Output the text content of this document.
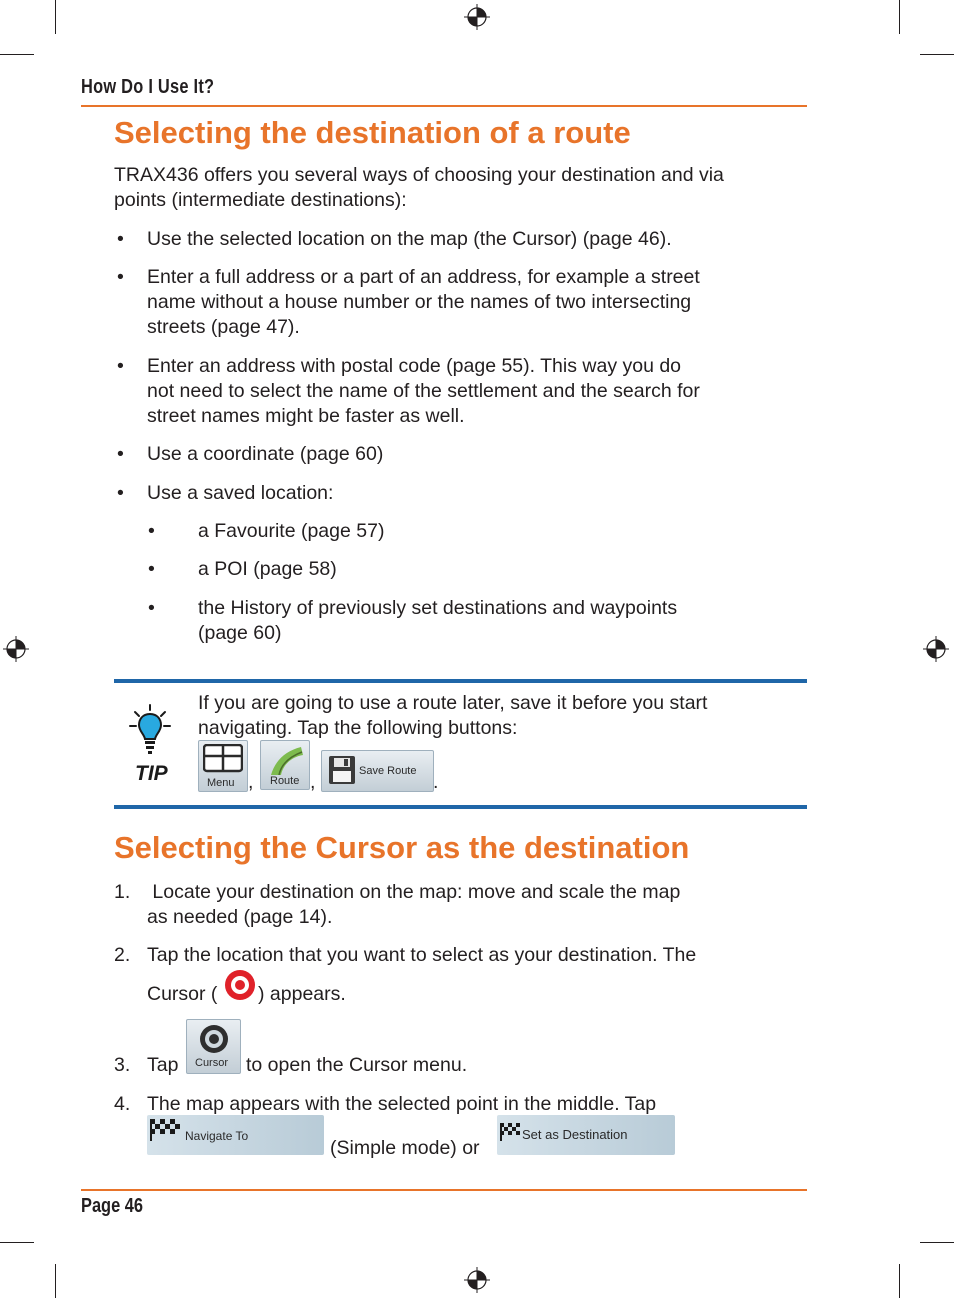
How Do I Use It?
Selecting the destination of a route
TRAX436 offers you several ways of choosing your destination and via
points (intermediate destinations):
• Use the selected location on the map (the Cursor) (page 46).
• Enter a full address or a part of an address, for example a street
name without a house number or the names of two intersecting
streets (page 47).
• Enter an address with postal code (page 55). This way you do
not need to select the name of the settlement and the search for
street names might be faster as well.
• Use a coordinate (page 60)
• Use a saved location:
• a Favourite (page 57)
• a POI (page 58)
• the History of previously set destinations and waypoints
(page 60)
TIP
If you are going to use a route later, save it before you start
navigating. Tap the following buttons:
Menu , Route ,	Save Route .
Selecting the Cursor as the destination
1. Locate your destination on the map: move and scale the map
as needed (page 14).
2. Tap the location that you want to select as your destination. The
Cursor ( ) appears.
3. Tap Cursor to open the Cursor menu.
4. The map appears with the selected point in the middle. Tap
Navigate To
(Simple mode) or
Set as Destination
Page 46
